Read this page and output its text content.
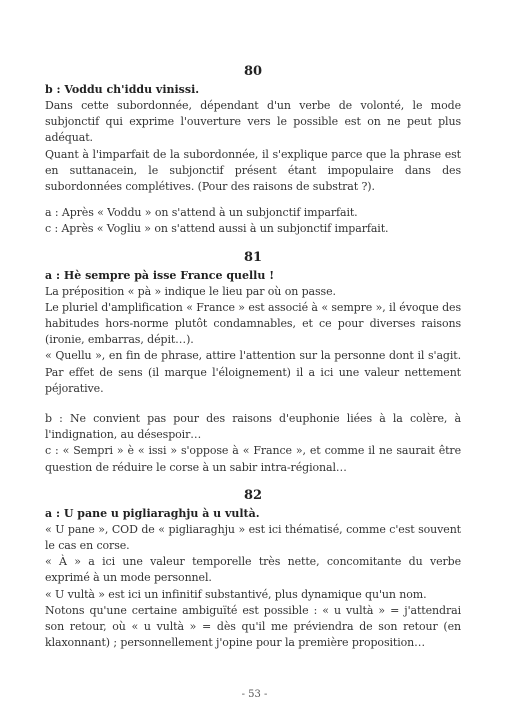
80
b : Voddu ch'iddu vinissi.
Dans cette subordonnée, dépendant d'un verbe de volonté, le mode subjonctif qui exprime l'ouverture vers le possible est on ne peut plus adéquat.
Quant à l'imparfait de la subordonnée, il s'explique parce que la phrase est en suttanacein, le subjonctif présent étant impopulaire dans des subordonnées complétives. (Pour des raisons de substrat ?).
a : Après « Voddu » on s'attend à un subjonctif imparfait.
c : Après « Vogliu » on s'attend aussi à un subjonctif imparfait.
81
a : Hè sempre pà isse France quellu !
La préposition « pà » indique le lieu par où on passe.
Le pluriel d'amplification « France » est associé à « sempre », il évoque des habitudes hors-norme plutôt condamnables, et ce pour diverses raisons (ironie, embarras, dépit…).
« Quellu », en fin de phrase, attire l'attention sur la personne dont il s'agit. Par effet de sens (il marque l'éloignement) il a ici une valeur nettement péjorative.
b : Ne convient pas pour des raisons d'euphonie liées à la colère, à l'indignation, au désespoir…
c : « Sempri » è « issi » s'oppose à « France », et comme il ne saurait être question de réduire le corse à un sabir intra-régional…
82
a : U pane u pigliaraghju à u vultà.
« U pane », COD de « pigliaraghju » est ici thématisé, comme c'est souvent le cas en corse.
« À » a ici une valeur temporelle très nette, concomitante du verbe exprimé à un mode personnel.
« U vultà » est ici un infinitif substantivé, plus dynamique qu'un nom.
Notons qu'une certaine ambiguïté est possible : « u vultà » = j'attendrai son retour, où « u vultà » = dès qu'il me préviendra de son retour (en klaxonnant) ; personnellement j'opine pour la première proposition…
- 53 -
